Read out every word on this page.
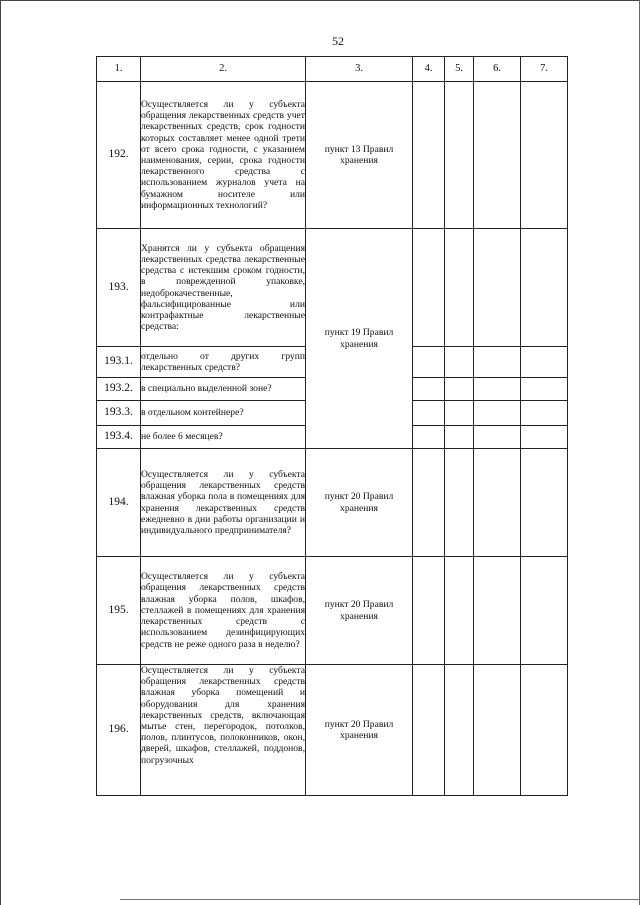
52
1.	2.	3.	4.	5.	6.	7.
192.	Осуществляется ли у субъекта обращения лекарственных средств учет лекарственных средств, срок годности которых составляет менее одной трети от всего срока годности, с указанием наименования, серии, срока годности лекарственного средства с использованием журналов учета на бумажном носителе или информационных технологий?	пункт 13 Правил хранения				
193.	Хранятся ли у субъекта обращения лекарственных средства лекарственные средства с истекшим сроком годности, в поврежденной упаковке, недоброкачественные, фальсифицированные или контрафактные лекарственные средства:	пункт 19 Правил хранения				
193.1.	отдельно от других групп лекарственных средств?					
193.2.	в специально выделенной зоне?					
193.3.	в отдельном контейнере?					
193.4.	не более 6 месяцев?					
194.	Осуществляется ли у субъекта обращения лекарственных средств влажная уборка пола в помещениях для хранения лекарственных средств ежедневно в дни работы организации и индивидуального предпринимателя?	пункт 20 Правил хранения				
195.	Осуществляется ли у субъекта обращения лекарственных средств влажная уборка полов, шкафов, стеллажей в помещениях для хранения лекарственных средств с использованием дезинфицирующих средств не реже одного раза в неделю?	пункт 20 Правил хранения				
196.	Осуществляется ли у субъекта обращения лекарственных средств влажная уборка помещений и оборудования для хранения лекарственных средств, включающая мытье стен, перегородок, потолков, полов, плинтусов, полоконников, окон, дверей, шкафов, стеллажей, поддонов, погрузочных	пункт 20 Правил хранения				
